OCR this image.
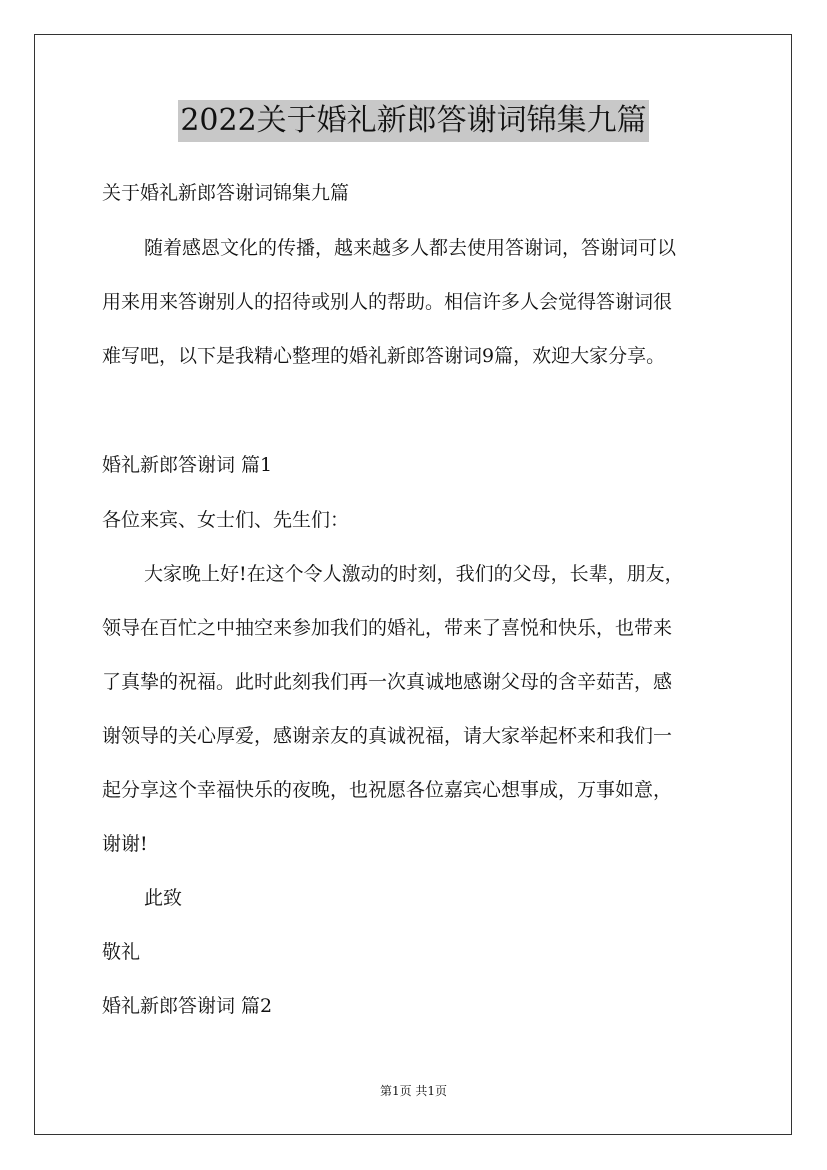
2022关于婚礼新郎答谢词锦集九篇
关于婚礼新郎答谢词锦集九篇
随着感恩文化的传播，越来越多人都去使用答谢词，答谢词可以
用来用来答谢别人的招待或别人的帮助。相信许多人会觉得答谢词很
难写吧，以下是我精心整理的婚礼新郎答谢词9篇，欢迎大家分享。
婚礼新郎答谢词 篇1
各位来宾、女士们、先生们：
大家晚上好!在这个令人激动的时刻，我们的父母，长辈，朋友，
领导在百忙之中抽空来参加我们的婚礼，带来了喜悦和快乐，也带来
了真挚的祝福。此时此刻我们再一次真诚地感谢父母的含辛茹苦，感
谢领导的关心厚爱，感谢亲友的真诚祝福，请大家举起杯来和我们一
起分享这个幸福快乐的夜晚，也祝愿各位嘉宾心想事成，万事如意，
谢谢!
此致
敬礼
婚礼新郎答谢词 篇2
第1页 共1页
